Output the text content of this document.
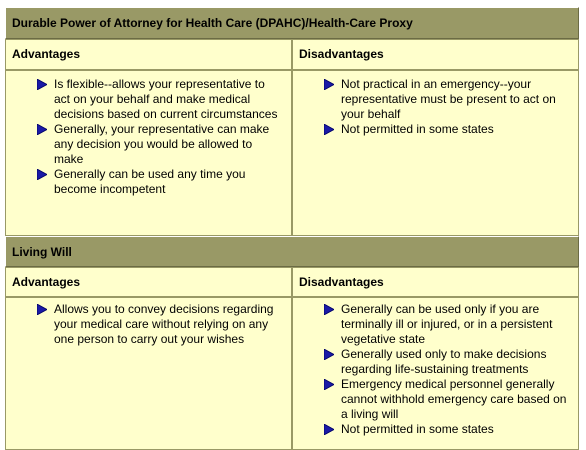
Durable Power of Attorney for Health Care (DPAHC)/Health-Care Proxy
Advantages	Disadvantages
Is flexible--allows your representative to act on your behalf and make medical decisions based on current circumstances
Generally, your representative can make any decision you would be allowed to make
Generally can be used any time you become incompetent
Not practical in an emergency--your representative must be present to act on your behalf
Not permitted in some states
Living Will
Advantages	Disadvantages
Allows you to convey decisions regarding your medical care without relying on any one person to carry out your wishes
Generally can be used only if you are terminally ill or injured, or in a persistent vegetative state
Generally used only to make decisions regarding life-sustaining treatments
Emergency medical personnel generally cannot withhold emergency care based on a living will
Not permitted in some states
